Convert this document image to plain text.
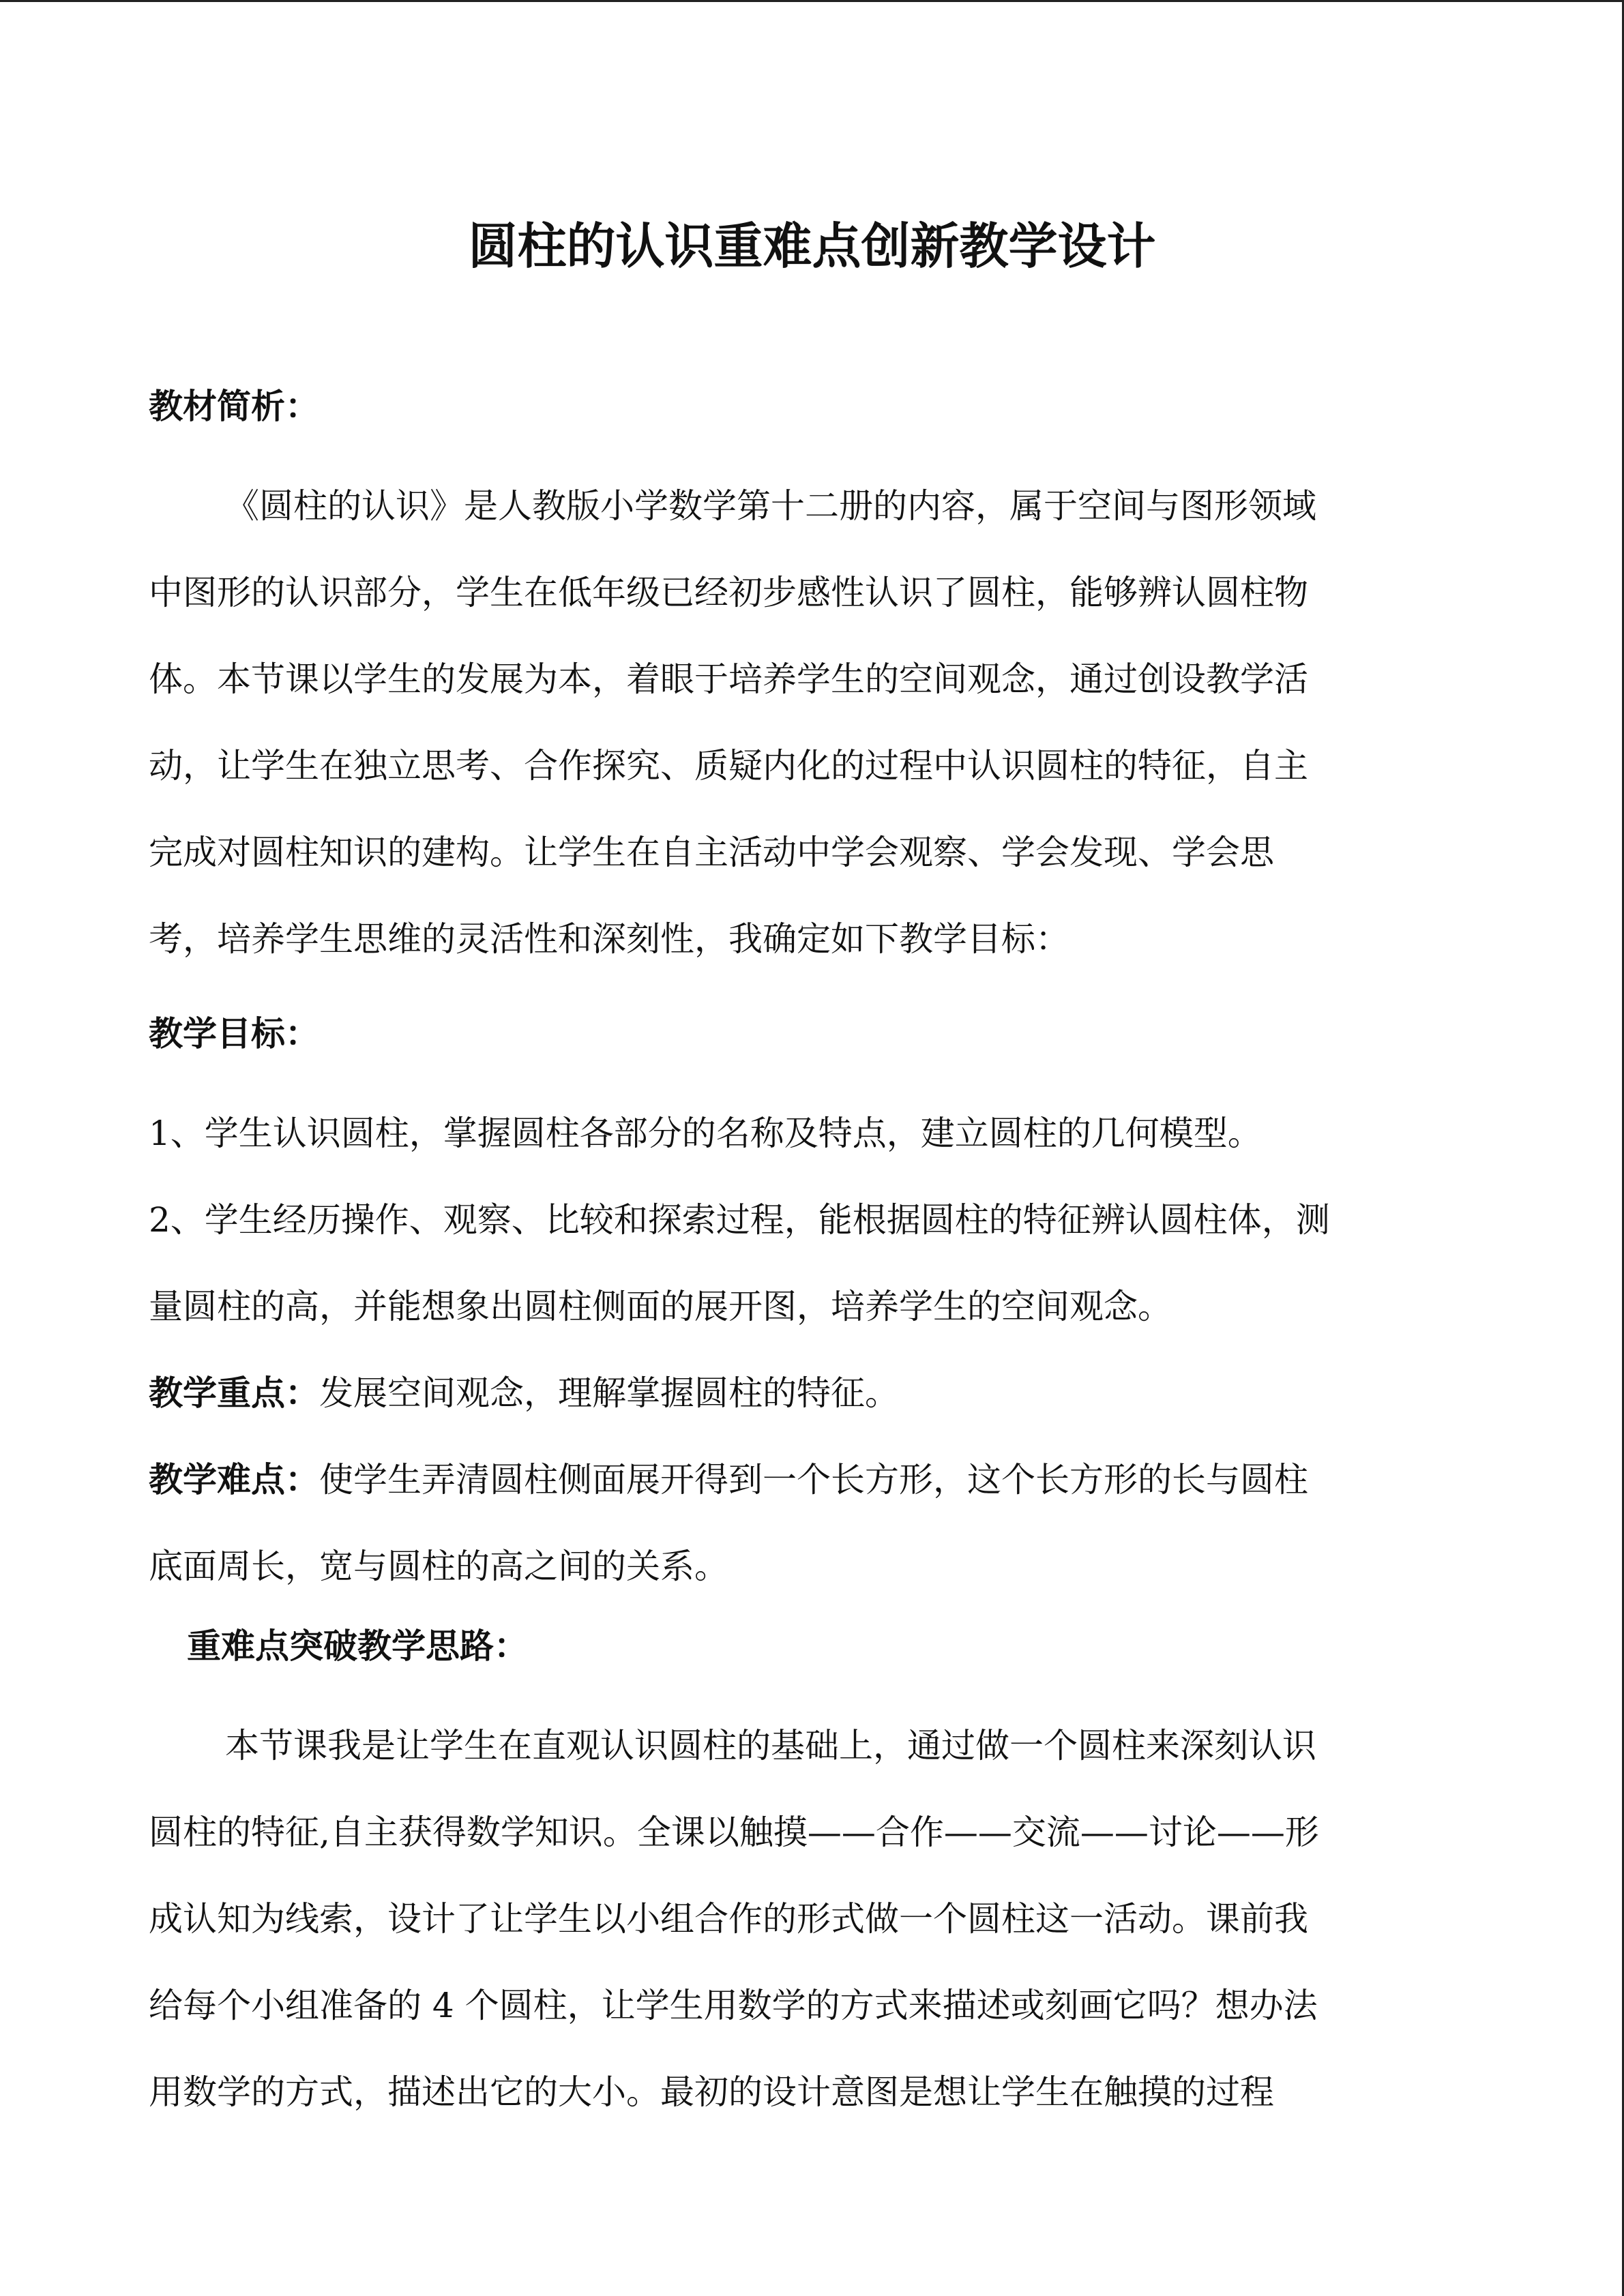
圆柱的认识重难点创新教学设计
教材简析：
《圆柱的认识》是人教版小学数学第十二册的内容，属于空间与图形领域
中图形的认识部分，学生在低年级已经初步感性认识了圆柱，能够辨认圆柱物
体。本节课以学生的发展为本，着眼于培养学生的空间观念，通过创设教学活
动，让学生在独立思考、合作探究、质疑内化的过程中认识圆柱的特征，自主
完成对圆柱知识的建构。让学生在自主活动中学会观察、学会发现、学会思
考，培养学生思维的灵活性和深刻性，我确定如下教学目标：
教学目标：
1、学生认识圆柱，掌握圆柱各部分的名称及特点，建立圆柱的几何模型。
2、学生经历操作、观察、比较和探索过程，能根据圆柱的特征辨认圆柱体，测
量圆柱的高，并能想象出圆柱侧面的展开图，培养学生的空间观念。
教学重点：发展空间观念，理解掌握圆柱的特征。
教学难点：使学生弄清圆柱侧面展开得到一个长方形，这个长方形的长与圆柱
底面周长，宽与圆柱的高之间的关系。
重难点突破教学思路：
本节课我是让学生在直观认识圆柱的基础上，通过做一个圆柱来深刻认识
圆柱的特征,自主获得数学知识。全课以触摸——合作——交流——讨论——形
成认知为线索，设计了让学生以小组合作的形式做一个圆柱这一活动。课前我
给每个小组准备的 4 个圆柱，让学生用数学的方式来描述或刻画它吗？想办法
用数学的方式，描述出它的大小。最初的设计意图是想让学生在触摸的过程
